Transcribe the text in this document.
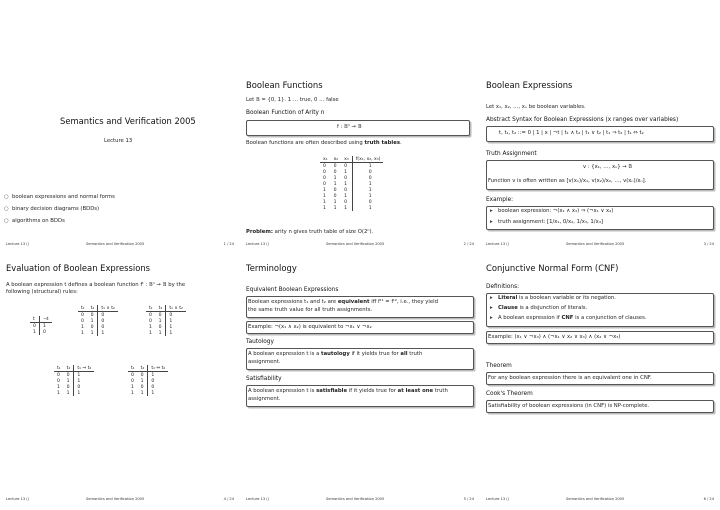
Semantics and Verification 2005
Lecture 13
○ boolean expressions and normal forms
○ binary decision diagrams (BDDs)
○ algorithms on BDDs
Lecture 13 ()	Semantics and Verification 2005	1 / 24
Boolean Functions
Let 𝔹 = {0, 1}. 1 … true, 0 … false
Boolean Function of Arity n
f : 𝔹ⁿ → 𝔹
Boolean functions are often described using truth tables.
x₁	x₂	x₃	f(x₁, x₂, x₃)
0	0	0	1
0	0	1	0
0	1	0	0
0	1	1	1
1	0	0	1
1	0	1	1
1	1	0	0
1	1	1	1
Problem: arity n gives truth table of size O(2ⁿ).
Lecture 13 ()	Semantics and Verification 2005	2 / 24
Boolean Expressions
Let x₁, x₂, …, xₙ be boolean variables.
Abstract Syntax for Boolean Expressions (x ranges over variables)
t, t₁, t₂ ::= 0 | 1 | x | ¬t | t₁ ∧ t₂ | t₁ ∨ t₂ | t₁ ⇒ t₂ | t₁ ⇔ t₂
Truth Assignment
v : {x₁, …, xₙ} → 𝔹
Function v is often written as [v(x₁)/x₁, v(x₂)/x₂, …, v(xₙ)/xₙ].
Example:
▸ boolean expression: ¬(x₁ ∧ x₃) ⇒ (¬x₁ ∨ x₄)
▸ truth assignment: [1/x₁, 0/x₂, 1/x₃, 1/x₄]
Lecture 13 ()	Semantics and Verification 2005	3 / 24
Evaluation of Boolean Expressions
A boolean expression t defines a boolean function fᵗ : 𝔹ⁿ → 𝔹 by the
following (structural) rules:
t	¬t
0	1
1	0
t₁	t₂	t₁ ∧ t₂
0	0	0
0	1	0
1	0	0
1	1	1
t₁	t₂	t₁ ∨ t₂
0	0	0
0	1	1
1	0	1
1	1	1
t₁	t₂	t₁ ⇒ t₂
0	0	1
0	1	1
1	0	0
1	1	1
t₁	t₂	t₁ ⇔ t₂
0	0	1
0	1	0
1	0	0
1	1	1
Lecture 13 ()	Semantics and Verification 2005	4 / 24
Terminology
Equivalent Boolean Expressions
Boolean expressions t₁ and t₂ are equivalent iff fᵗ¹ = fᵗ², i.e., they yield
the same truth value for all truth assignments.
Example: ¬(x₁ ∧ x₂) is equivalent to ¬x₁ ∨ ¬x₂
Tautology
A boolean expression t is a tautology if it yields true for all truth
assignment.
Satisfiability
A boolean expression t is satisfiable if it yields true for at least one truth
assignment.
Lecture 13 ()	Semantics and Verification 2005	5 / 24
Conjunctive Normal Form (CNF)
Definitions:
▸ Literal is a boolean variable or its negation.
▸ Clause is a disjunction of literals.
▸ A boolean expression if CNF is a conjunction of clauses.
Example: (x₁ ∨ ¬x₃) ∧ (¬x₁ ∨ x₂ ∨ x₃) ∧ (x₂ ∨ ¬x₃)
Theorem
For any boolean expression there is an equivalent one in CNF.
Cook's Theorem
Satisfiability of boolean expressions (in CNF) is NP-complete.
Lecture 13 ()	Semantics and Verification 2005	6 / 24
